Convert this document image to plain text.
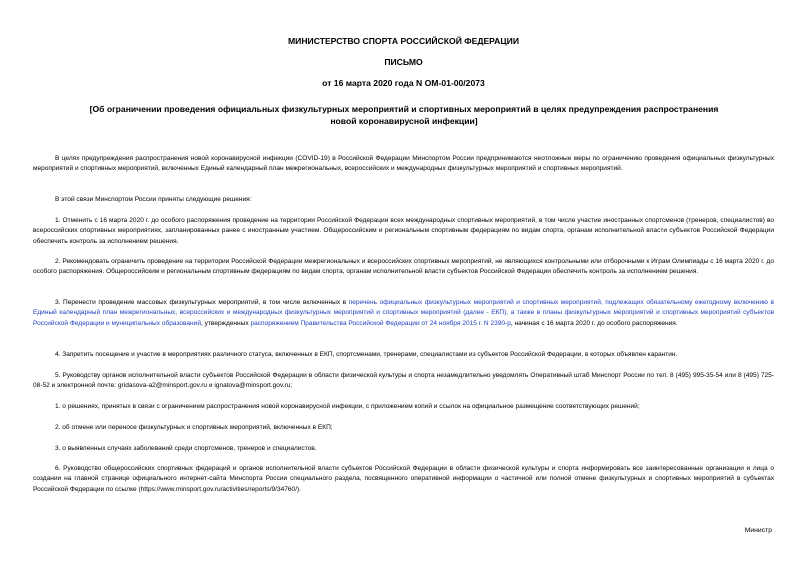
МИНИСТЕРСТВО СПОРТА РОССИЙСКОЙ ФЕДЕРАЦИИ
ПИСЬМО
от 16 марта 2020 года N ОМ-01-00/2073
[Об ограничении проведения официальных физкультурных мероприятий и спортивных мероприятий в целях предупреждения распространения новой коронавирусной инфекции]
В целях предупреждения распространения новой коронавирусной инфекции (COVID-19) в Российской Федерации Минспортом России предпринимаются неотложные меры по ограничению проведения официальных физкультурных мероприятий и спортивных мероприятий, включенных Единый календарный план межрегиональных, всероссийских и международных физкультурных мероприятий и спортивных мероприятий.
В этой связи Минспортом России приняты следующие решения:
1. Отменить с 16 марта 2020 г. до особого распоряжения проведение на территории Российской Федерации всех международных спортивных мероприятий, в том числе участие иностранных спортсменов (тренеров, специалистов) во всероссийских спортивных мероприятиях, запланированных ранее с иностранным участием. Общероссийским и региональным спортивным федерациям по видам спорта, органам исполнительной власти субъектов Российской Федерации обеспечить контроль за исполнением решения.
2. Рекомендовать ограничить проведение на территории Российской Федерации межрегиональных и всероссийских спортивных мероприятий, не являющихся контрольными или отборочными к Играм Олимпиады с 16 марта 2020 г. до особого распоряжения. Общероссийским и региональным спортивным федерациям по видам спорта, органам исполнительной власти субъектов Российской Федерации обеспечить контроль за исполнением решения.
3. Перенести проведение массовых физкультурных мероприятий, в том числе включенных в перечень официальных физкультурных мероприятий и спортивных мероприятий, подлежащих обязательному ежегодному включению в Единый календарный план межрегиональных, всероссийских и международных физкультурных мероприятий и спортивных мероприятий (далее - ЕКП), а также в планы физкультурных мероприятий и спортивных мероприятий субъектов Российской Федерации и муниципальных образований, утвержденных распоряжением Правительства Российской Федерации от 24 ноября 2015 г. N 2390-р, начиная с 16 марта 2020 г. до особого распоряжения.
4. Запретить посещение и участие в мероприятиях различного статуса, включенных в ЕКП, спортсменами, тренерами, специалистами из субъектов Российской Федерации, в которых объявлен карантин.
5. Руководству органов исполнительной власти субъектов Российской Федерации в области физической культуры и спорта незамедлительно уведомлять Оперативный штаб Минспорт России по тел. 8 (495) 995-35-54 или 8 (495) 725-08-52 и электронной почте: gridasova-a2@minsport.gov.ru и ignatova@minsport.gov.ru;
1. о решениях, принятых в связи с ограничением распространения новой коронавирусной инфекции, с приложением копий и ссылок на официальное размещение соответствующих решений;
2. об отмене или переносе физкультурных и спортивных мероприятий, включенных в ЕКП;
3. о выявленных случаях заболеваний среди спортсменов, тренеров и специалистов.
6. Руководство общероссийских спортивных федераций и органов исполнительной власти субъектов Российской Федерации в области физической культуры и спорта информировать все заинтересованные организации и лица о создании на главной странице официального интернет-сайта Минспорта России специального раздела, посвященного оперативной информации о частичной или полной отмене физкультурных и спортивных мероприятий в субъектах Российской Федерации по ссылке (https://www.minsport.gov.ru/activities/reports/9/34760/).
Министр
